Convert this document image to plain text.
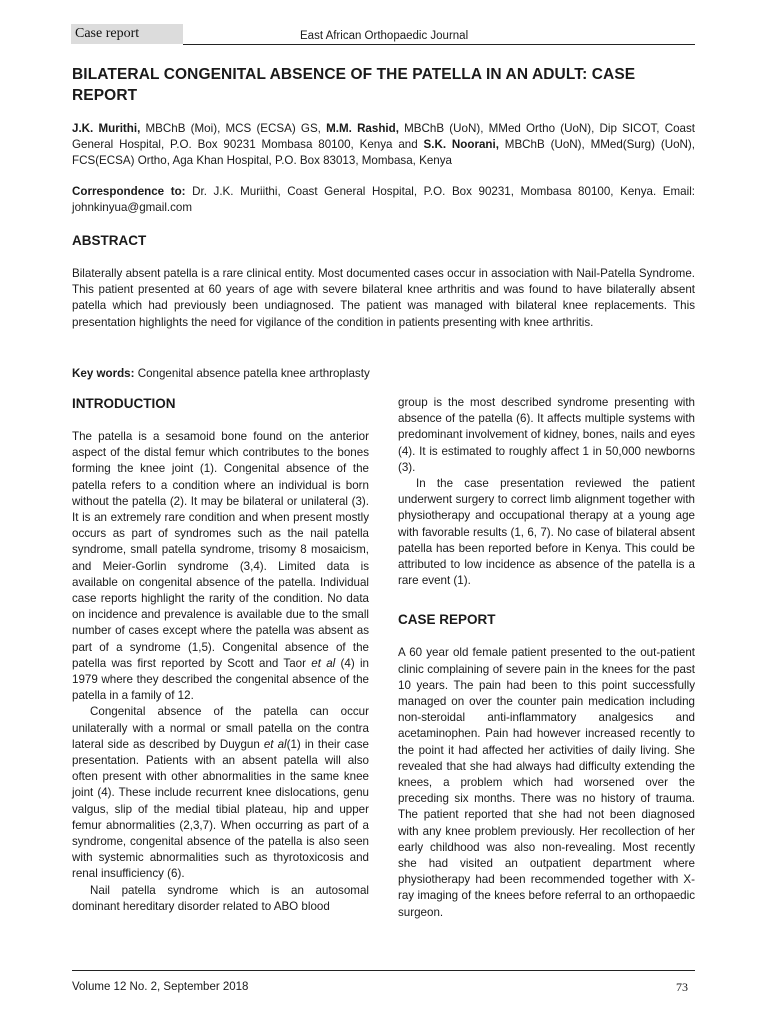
Case report	East African Orthopaedic Journal
BILATERAL CONGENITAL ABSENCE OF THE PATELLA IN AN ADULT: CASE REPORT

J.K. Murithi, MBChB (Moi), MCS (ECSA) GS, M.M. Rashid, MBChB (UoN), MMed Ortho (UoN), Dip SICOT, Coast General Hospital, P.O. Box 90231 Mombasa 80100, Kenya and S.K. Noorani, MBChB (UoN), MMed(Surg) (UoN), FCS(ECSA) Ortho, Aga Khan Hospital, P.O. Box 83013, Mombasa, Kenya

Correspondence to: Dr. J.K. Muriithi, Coast General Hospital, P.O. Box 90231, Mombasa 80100, Kenya. Email: johnkinyua@gmail.com

ABSTRACT

Bilaterally absent patella is a rare clinical entity. Most documented cases occur in association with Nail-Patella Syndrome. This patient presented at 60 years of age with severe bilateral knee arthritis and was found to have bilaterally absent patella which had previously been undiagnosed. The patient was managed with bilateral knee replacements. This presentation highlights the need for vigilance of the condition in patients presenting with knee arthritis.

Key words: Congenital absence patella knee arthroplasty

INTRODUCTION

The patella is a sesamoid bone found on the anterior aspect of the distal femur which contributes to the bones forming the knee joint (1). Congenital absence of the patella refers to a condition where an individual is born without the patella (2). It may be bilateral or unilateral (3). It is an extremely rare condition and when present mostly occurs as part of syndromes such as the nail patella syndrome, small patella syndrome, trisomy 8 mosaicism, and Meier-Gorlin syndrome (3,4). Limited data is available on congenital absence of the patella. Individual case reports highlight the rarity of the condition. No data on incidence and prevalence is available due to the small number of cases except where the patella was absent as part of a syndrome (1,5). Congenital absence of the patella was first reported by Scott and Taor et al (4) in 1979 where they described the congenital absence of the patella in a family of 12.

Congenital absence of the patella can occur unilaterally with a normal or small patella on the contra lateral side as described by Duygun et al(1) in their case presentation. Patients with an absent patella will also often present with other abnormalities in the same knee joint (4). These include recurrent knee dislocations, genu valgus, slip of the medial tibial plateau, hip and upper femur abnormalities (2,3,7). When occurring as part of a syndrome, congenital absence of the patella is also seen with systemic abnormalities such as thyrotoxicosis and renal insufficiency (6).

Nail patella syndrome which is an autosomal dominant hereditary disorder related to ABO blood

group is the most described syndrome presenting with absence of the patella (6). It affects multiple systems with predominant involvement of kidney, bones, nails and eyes (4). It is estimated to roughly affect 1 in 50,000 newborns (3).

In the case presentation reviewed the patient underwent surgery to correct limb alignment together with physiotherapy and occupational therapy at a young age with favorable results (1, 6, 7). No case of bilateral absent patella has been reported before in Kenya. This could be attributed to low incidence as absence of the patella is a rare event (1).

CASE REPORT

A 60 year old female patient presented to the out-patient clinic complaining of severe pain in the knees for the past 10 years. The pain had been to this point successfully managed on over the counter pain medication including non-steroidal anti-inflammatory analgesics and acetaminophen. Pain had however increased recently to the point it had affected her activities of daily living. She revealed that she had always had difficulty extending the knees, a problem which had worsened over the preceding six months. There was no history of trauma. The patient reported that she had not been diagnosed with any knee problem previously. Her recollection of her early childhood was also non-revealing. Most recently she had visited an outpatient department where physiotherapy had been recommended together with X-ray imaging of the knees before referral to an orthopaedic surgeon.

Volume 12 No. 2, September 2018	73
